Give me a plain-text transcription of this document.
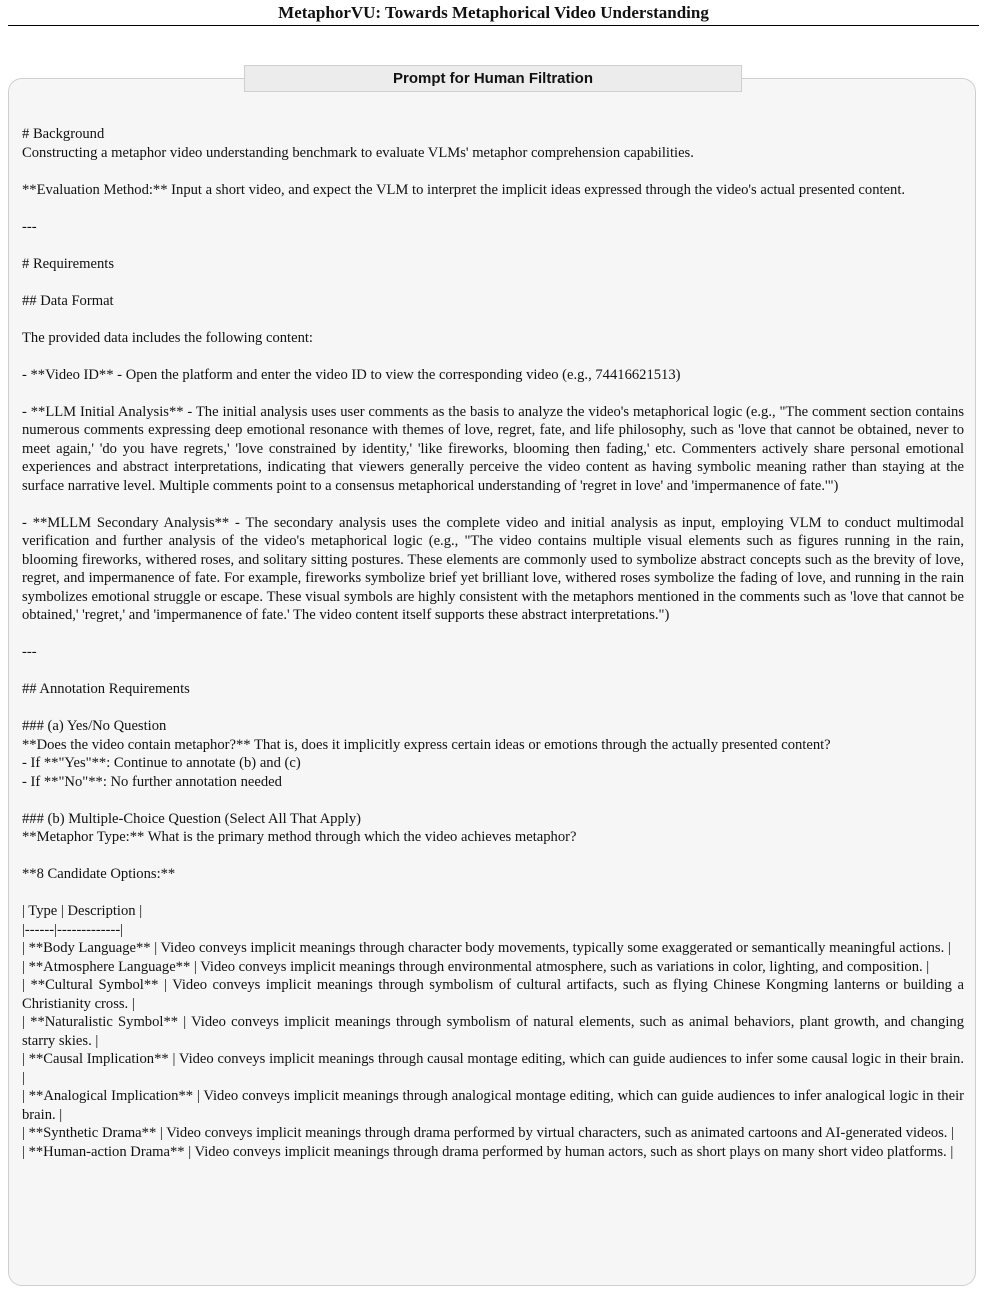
MetaphorVU: Towards Metaphorical Video Understanding
Prompt for Human Filtration

# Background

Constructing a metaphor video understanding benchmark to evaluate VLMs' metaphor comprehension capabilities.

**Evaluation Method:** Input a short video, and expect the VLM to interpret the implicit ideas expressed through the video's actual presented content.

---

# Requirements

## Data Format

The provided data includes the following content:

- **Video ID** - Open the platform and enter the video ID to view the corresponding video (e.g., 74416621513)

- **LLM Initial Analysis** - The initial analysis uses user comments as the basis to analyze the video's metaphorical logic (e.g., "The comment section contains numerous comments expressing deep emotional resonance with themes of love, regret, fate, and life philosophy, such as 'love that cannot be obtained, never to meet again,' 'do you have regrets,' 'love constrained by identity,' 'like fireworks, blooming then fading,' etc. Commenters actively share personal emotional experiences and abstract interpretations, indicating that viewers generally perceive the video content as having symbolic meaning rather than staying at the surface narrative level. Multiple comments point to a consensus metaphorical understanding of 'regret in love' and 'impermanence of fate.'")

- **MLLM Secondary Analysis** - The secondary analysis uses the complete video and initial analysis as input, employing VLM to conduct multimodal verification and further analysis of the video's metaphorical logic (e.g., "The video contains multiple visual elements such as figures running in the rain, blooming fireworks, withered roses, and solitary sitting postures. These elements are commonly used to symbolize abstract concepts such as the brevity of love, regret, and impermanence of fate. For example, fireworks symbolize brief yet brilliant love, withered roses symbolize the fading of love, and running in the rain symbolizes emotional struggle or escape. These visual symbols are highly consistent with the metaphors mentioned in the comments such as 'love that cannot be obtained,' 'regret,' and 'impermanence of fate.' The video content itself supports these abstract interpretations.")

---

## Annotation Requirements

### (a) Yes/No Question

**Does the video contain metaphor?** That is, does it implicitly express certain ideas or emotions through the actually presented content?

- If **"Yes"**: Continue to annotate (b) and (c)

- If **"No"**: No further annotation needed

### (b) Multiple-Choice Question (Select All That Apply)

**Metaphor Type:** What is the primary method through which the video achieves metaphor?

**8 Candidate Options:**

| Type | Description |

|------|-------------|

| **Body Language** | Video conveys implicit meanings through character body movements, typically some exaggerated or semantically meaningful actions. |

| **Atmosphere Language** | Video conveys implicit meanings through environmental atmosphere, such as variations in color, lighting, and composition. |

| **Cultural Symbol** | Video conveys implicit meanings through symbolism of cultural artifacts, such as flying Chinese Kongming lanterns or building a Christianity cross. |

| **Naturalistic Symbol** | Video conveys implicit meanings through symbolism of natural elements, such as animal behaviors, plant growth, and changing starry skies. |

| **Causal Implication** | Video conveys implicit meanings through causal montage editing, which can guide audiences to infer some causal logic in their brain. |

| **Analogical Implication** | Video conveys implicit meanings through analogical montage editing, which can guide audiences to infer analogical logic in their brain. |

| **Synthetic Drama** | Video conveys implicit meanings through drama performed by virtual characters, such as animated cartoons and AI-generated videos. |

| **Human-action Drama** | Video conveys implicit meanings through drama performed by human actors, such as short plays on many short video platforms. |
